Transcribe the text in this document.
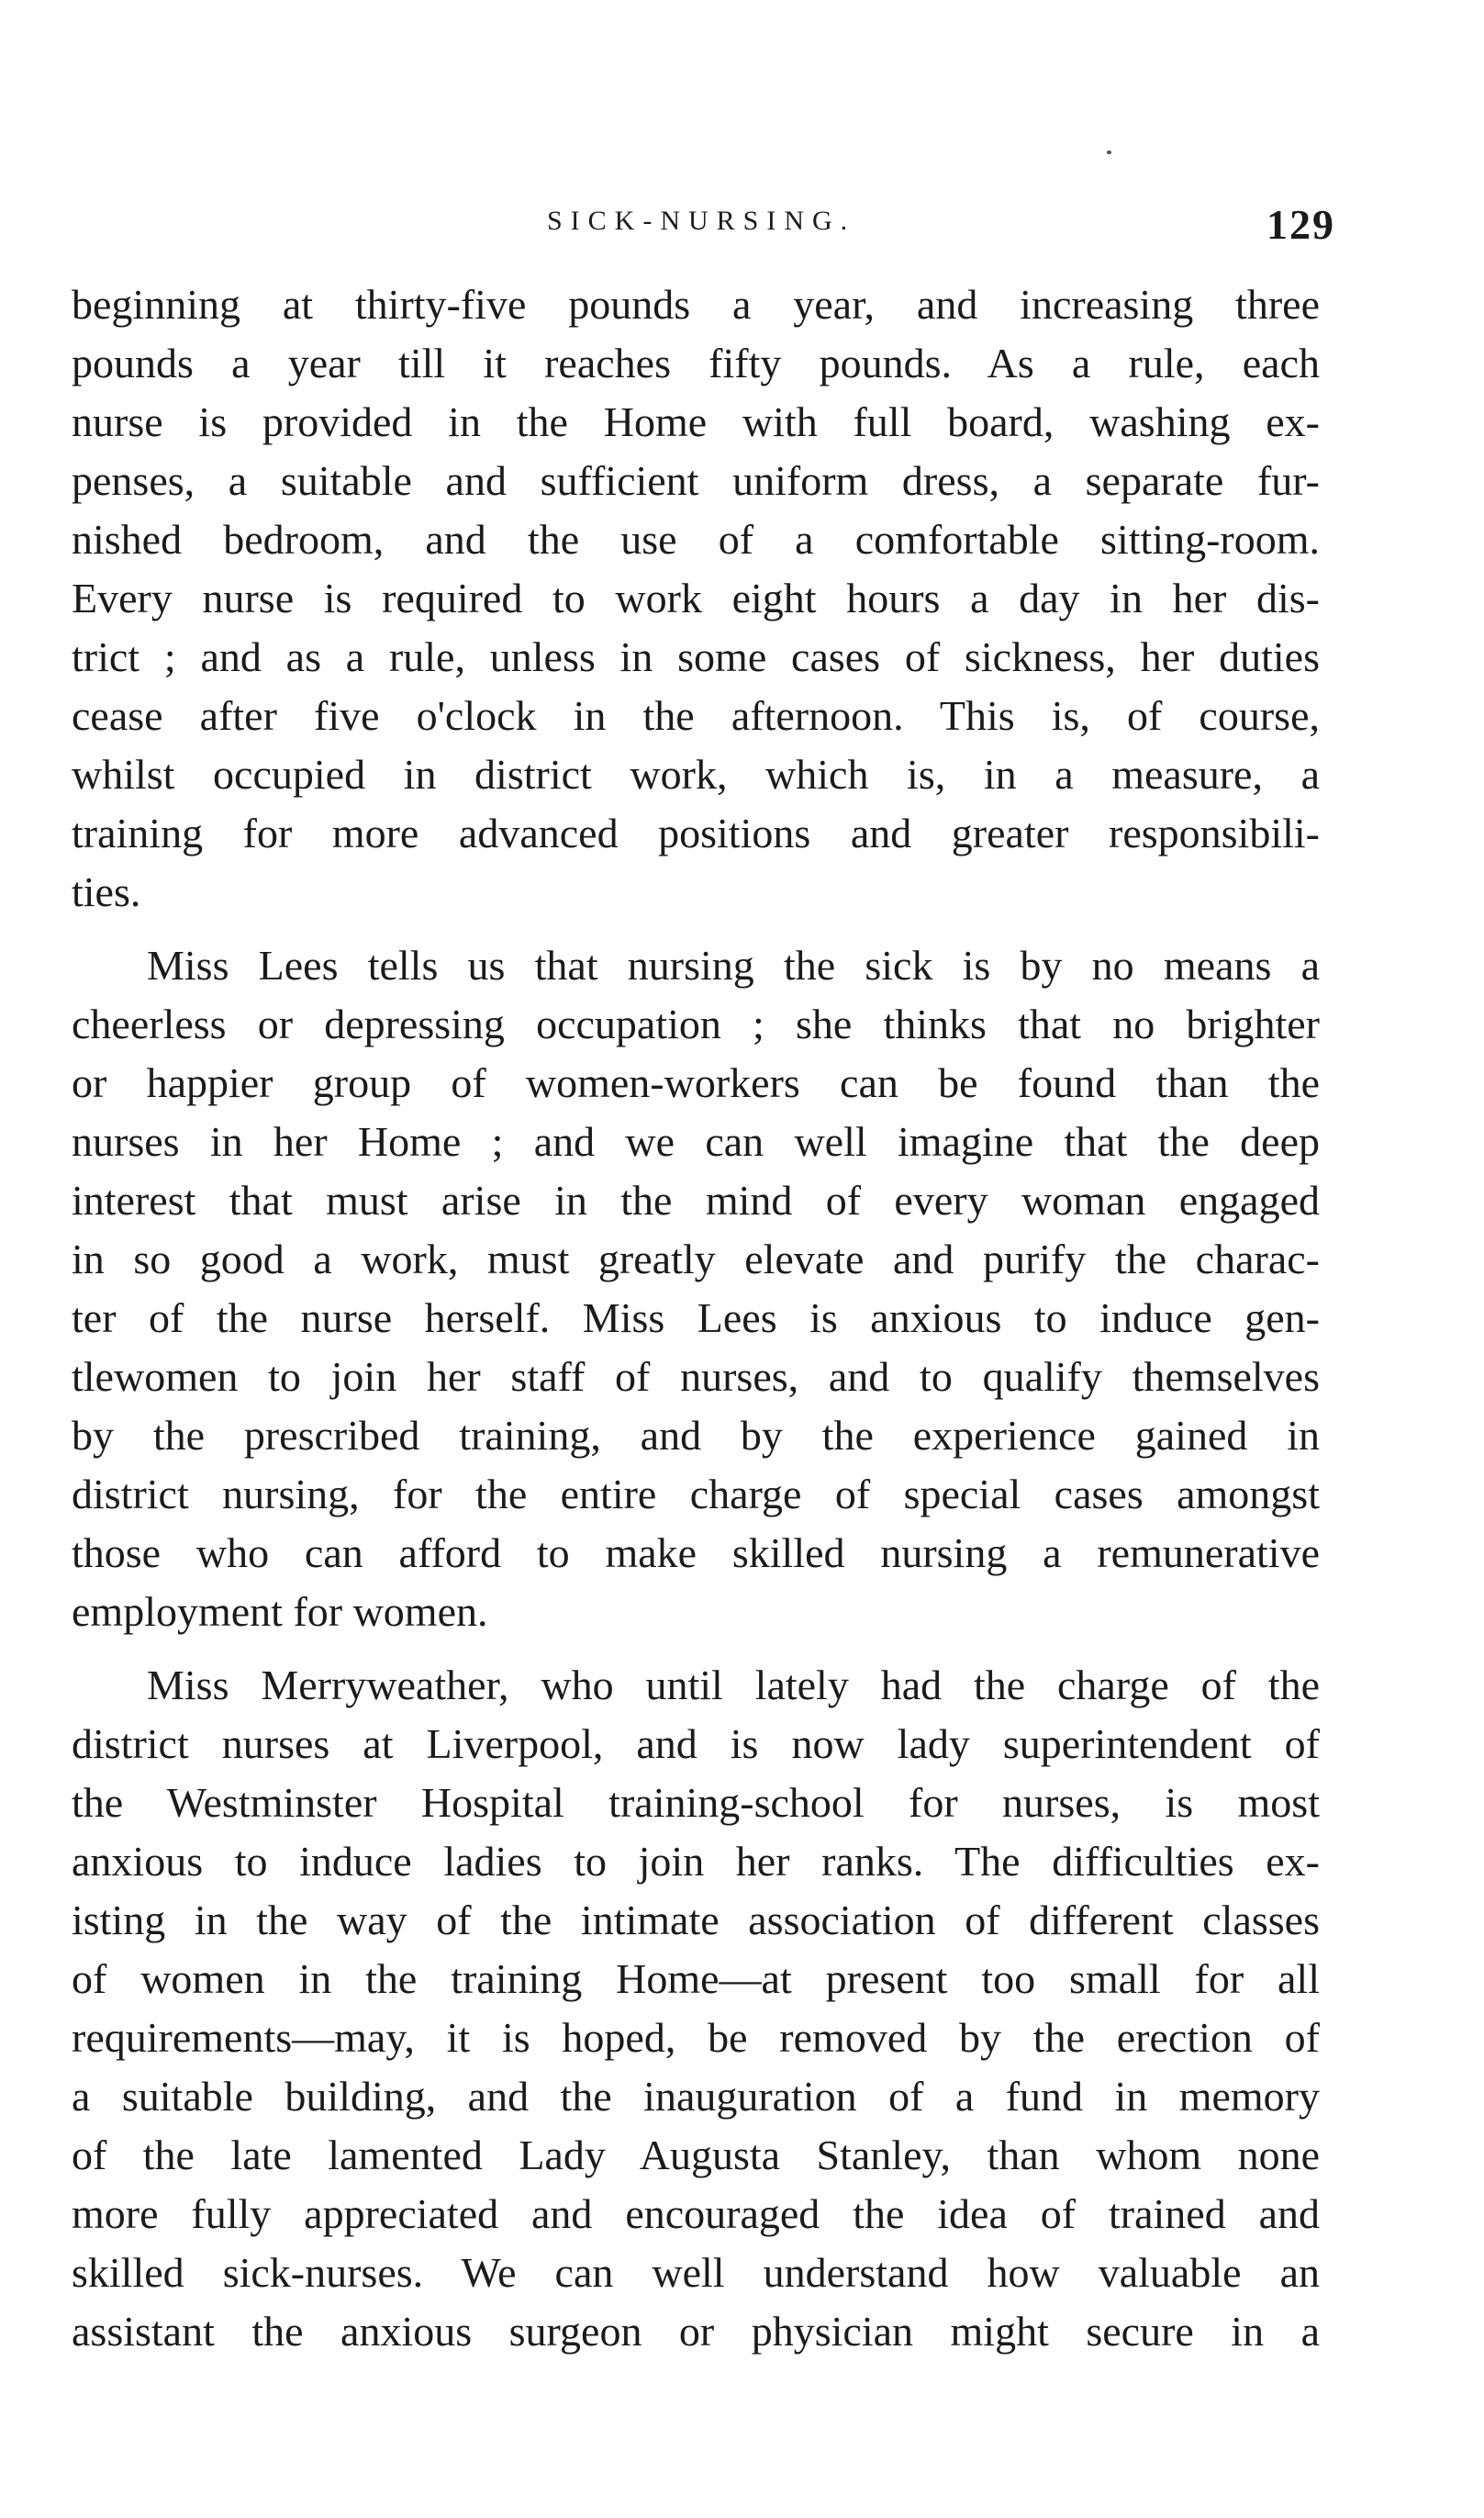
SICK-NURSING.	129
beginning at thirty-five pounds a year, and increasing three
pounds a year till it reaches fifty pounds. As a rule, each
nurse is provided in the Home with full board, washing ex-
penses, a suitable and sufficient uniform dress, a separate fur-
nished bedroom, and the use of a comfortable sitting-room.
Every nurse is required to work eight hours a day in her dis-
trict ; and as a rule, unless in some cases of sickness, her duties
cease after five o'clock in the afternoon. This is, of course,
whilst occupied in district work, which is, in a measure, a
training for more advanced positions and greater responsibili-
ties.
Miss Lees tells us that nursing the sick is by no means a
cheerless or depressing occupation ; she thinks that no brighter
or happier group of women-workers can be found than the
nurses in her Home ; and we can well imagine that the deep
interest that must arise in the mind of every woman engaged
in so good a work, must greatly elevate and purify the charac-
ter of the nurse herself. Miss Lees is anxious to induce gen-
tlewomen to join her staff of nurses, and to qualify themselves
by the prescribed training, and by the experience gained in
district nursing, for the entire charge of special cases amongst
those who can afford to make skilled nursing a remunerative
employment for women.
Miss Merryweather, who until lately had the charge of the
district nurses at Liverpool, and is now lady superintendent of
the Westminster Hospital training-school for nurses, is most
anxious to induce ladies to join her ranks. The difficulties ex-
isting in the way of the intimate association of different classes
of women in the training Home—at present too small for all
requirements—may, it is hoped, be removed by the erection of
a suitable building, and the inauguration of a fund in memory
of the late lamented Lady Augusta Stanley, than whom none
more fully appreciated and encouraged the idea of trained and
skilled sick-nurses. We can well understand how valuable an
assistant the anxious surgeon or physician might secure in a
